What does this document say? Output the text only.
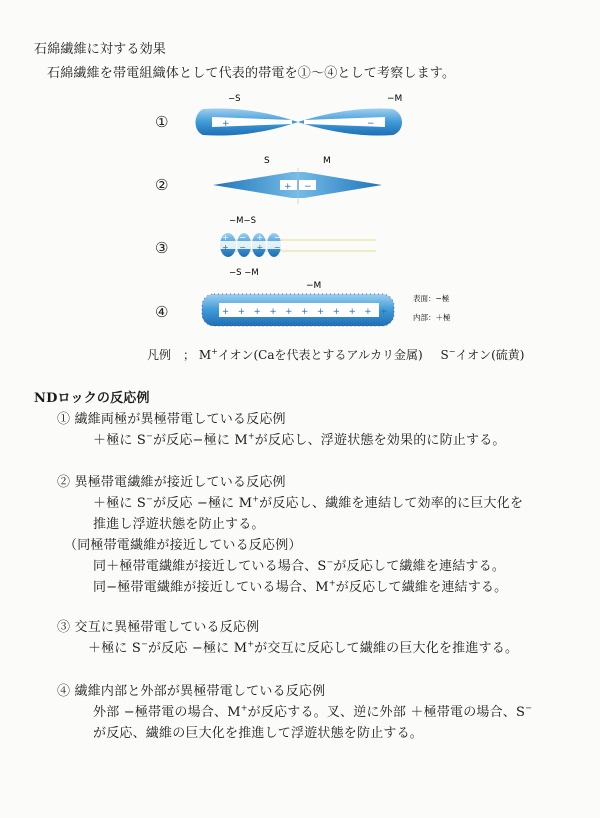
石綿繊維に対する効果
石綿繊維を帯電組織体として代表的帯電を①～④として考察します。
①	+	−
−S	−M
②	+ −
S	M
③
+ − + −
+ − + −
−M−S
−S −M
④	+ + + + + + + + + + +
−M
表面：−極
内部：＋極
凡例　； M+イオン(Caを代表とするアルカリ金属) S−イオン(硫黄)
NDロックの反応例
① 繊維両極が異極帯電している反応例
＋極に S−が反応−極に M+が反応し、浮遊状態を効果的に防止する。
② 異極帯電繊維が接近している反応例
＋極に S−が反応 −極に M+が反応し、繊維を連結して効率的に巨大化を
推進し浮遊状態を防止する。
（同極帯電繊維が接近している反応例）
同＋極帯電繊維が接近している場合、S−が反応して繊維を連結する。
同−極帯電繊維が接近している場合、M+が反応して繊維を連結する。
③ 交互に異極帯電している反応例
＋極に S−が反応 −極に M+が交互に反応して繊維の巨大化を推進する。
④ 繊維内部と外部が異極帯電している反応例
外部 −極帯電の場合、M+が反応する。叉、逆に外部 ＋極帯電の場合、S−
が反応、繊維の巨大化を推進して浮遊状態を防止する。
